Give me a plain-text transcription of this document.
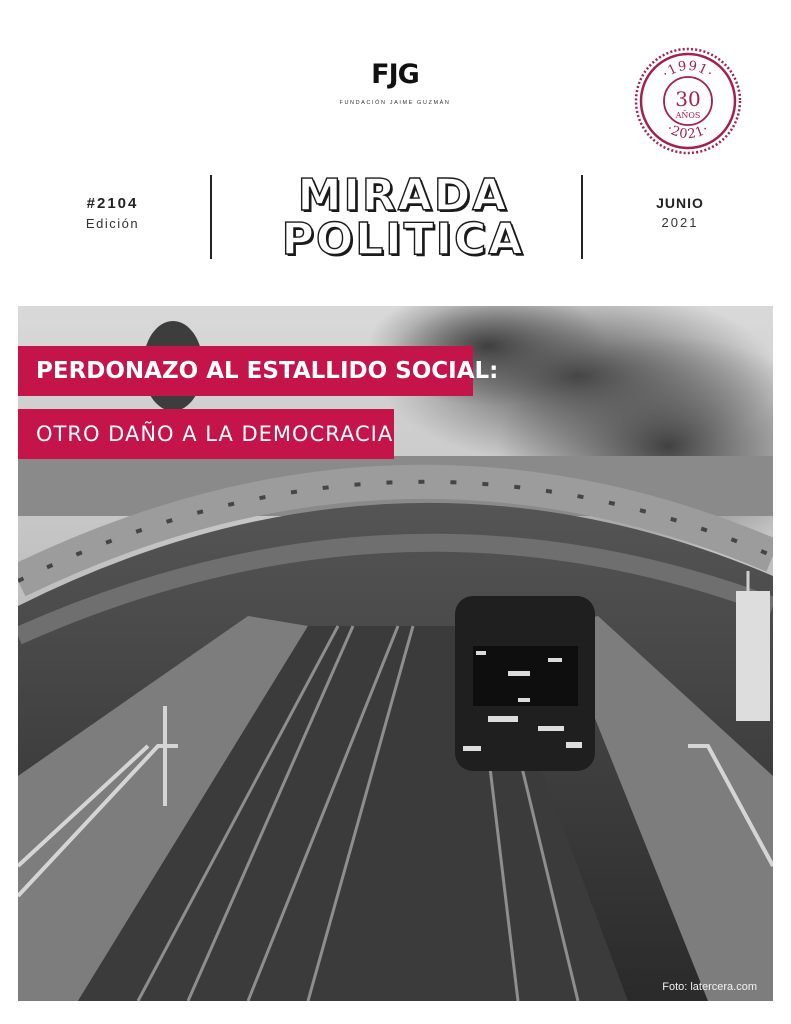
FJG
FUNDACIÓN JAIME GUZMÁN
·1991·
·2021·
30
AÑOS
#2104
Edición
MIRADA
POLITICA
JUNIO
2021
PERDONAZO AL ESTALLIDO SOCIAL:
OTRO DAÑO A LA DEMOCRACIA
Foto: latercera.com
